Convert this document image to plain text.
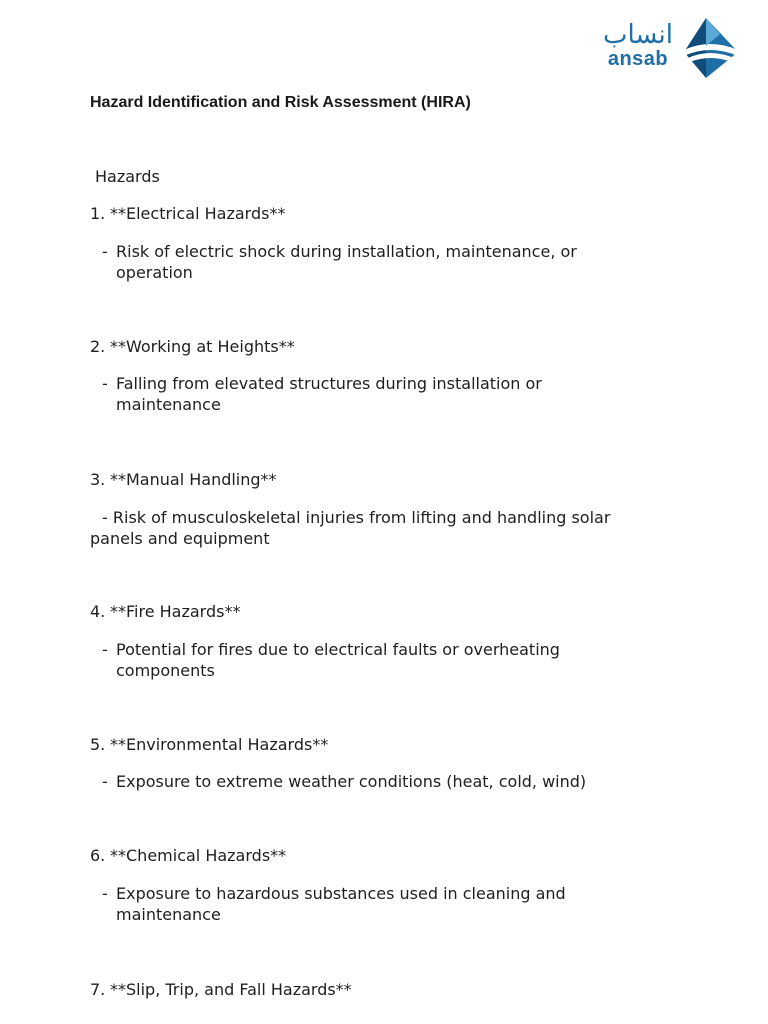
انساب
ansab
Hazard Identification and Risk Assessment (HIRA)
Hazards
1. **Electrical Hazards**
- Risk of electric shock during installation, maintenance, or operation
2. **Working at Heights**
- Falling from elevated structures during installation or maintenance
3. **Manual Handling**
- Risk of musculoskeletal injuries from lifting and handling solar panels and equipment
4. **Fire Hazards**
- Potential for fires due to electrical faults or overheating components
5. **Environmental Hazards**
- Exposure to extreme weather conditions (heat, cold, wind)
6. **Chemical Hazards**
- Exposure to hazardous substances used in cleaning and maintenance
7. **Slip, Trip, and Fall Hazards**
